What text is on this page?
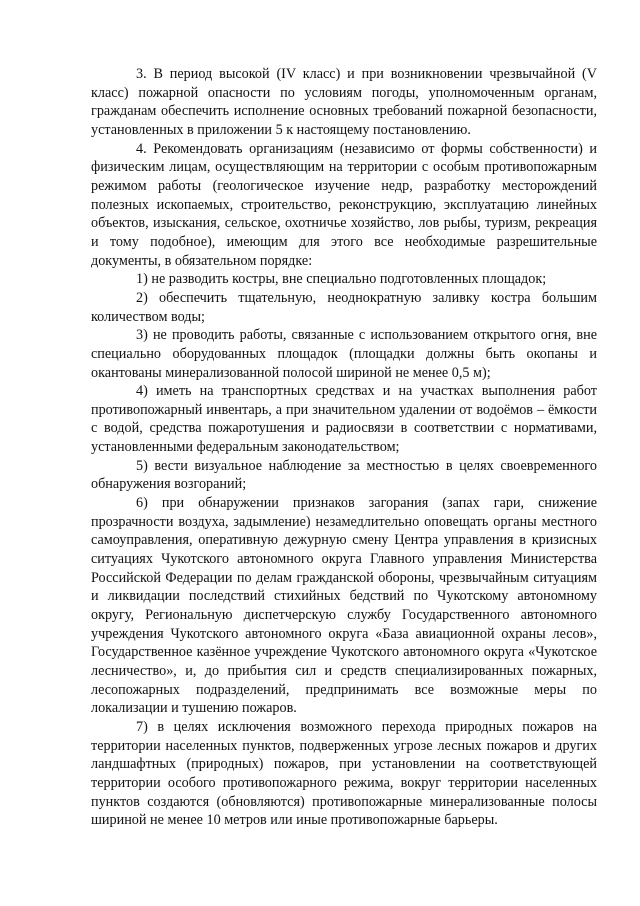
3. В период высокой (IV класс) и при возникновении чрезвычайной (V класс) пожарной опасности по условиям погоды, уполномоченным органам, гражданам обеспечить исполнение основных требований пожарной безопасности, установленных в приложении 5 к настоящему постановлению.

4. Рекомендовать организациям (независимо от формы собственности) и физическим лицам, осуществляющим на территории с особым противопожарным режимом работы (геологическое изучение недр, разработку месторождений полезных ископаемых, строительство, реконструкцию, эксплуатацию линейных объектов, изыскания, сельское, охотничье хозяйство, лов рыбы, туризм, рекреация и тому подобное), имеющим для этого все необходимые разрешительные документы, в обязательном порядке:

1) не разводить костры, вне специально подготовленных площадок;

2) обеспечить тщательную, неоднократную заливку костра большим количеством воды;

3) не проводить работы, связанные с использованием открытого огня, вне специально оборудованных площадок (площадки должны быть окопаны и окантованы минерализованной полосой шириной не менее 0,5 м);

4) иметь на транспортных средствах и на участках выполнения работ противопожарный инвентарь, а при значительном удалении от водоёмов – ёмкости с водой, средства пожаротушения и радиосвязи в соответствии с нормативами, установленными федеральным законодательством;

5) вести визуальное наблюдение за местностью в целях своевременного обнаружения возгораний;

6) при обнаружении признаков загорания (запах гари, снижение прозрачности воздуха, задымление) незамедлительно оповещать органы местного самоуправления, оперативную дежурную смену Центра управления в кризисных ситуациях Чукотского автономного округа Главного управления Министерства Российской Федерации по делам гражданской обороны, чрезвычайным ситуациям и ликвидации последствий стихийных бедствий по Чукотскому автономному округу, Региональную диспетчерскую службу Государственного автономного учреждения Чукотского автономного округа «База авиационной охраны лесов», Государственное казённое учреждение Чукотского автономного округа «Чукотское лесничество», и, до прибытия сил и средств специализированных пожарных, лесопожарных подразделений, предпринимать все возможные меры по локализации и тушению пожаров.

7) в целях исключения возможного перехода природных пожаров на территории населенных пунктов, подверженных угрозе лесных пожаров и других ландшафтных (природных) пожаров, при установлении на соответствующей территории особого противопожарного режима, вокруг территории населенных пунктов создаются (обновляются) противопожарные минерализованные полосы шириной не менее 10 метров или иные противопожарные барьеры.
